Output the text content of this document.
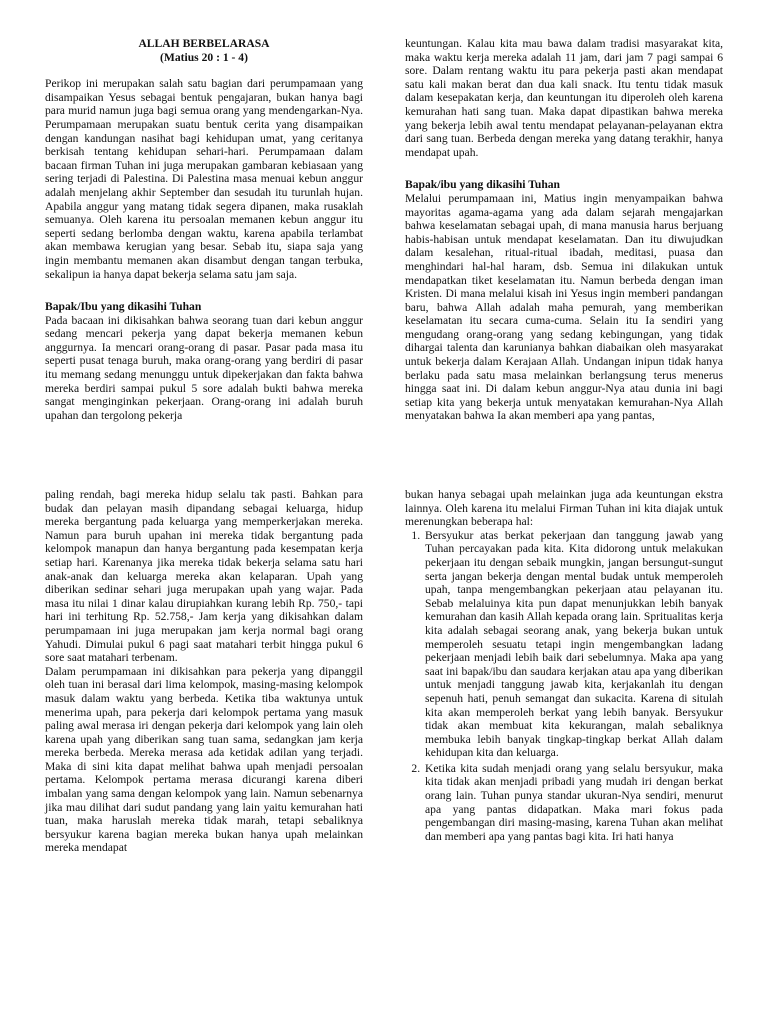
ALLAH BERBELARASA

(Matius 20 : 1 - 4)

Perikop ini merupakan salah satu bagian dari perumpamaan yang disampaikan Yesus sebagai bentuk pengajaran, bukan hanya bagi para murid namun juga bagi semua orang yang mendengarkan-Nya. Perumpamaan merupakan suatu bentuk cerita yang disampaikan dengan kandungan nasihat bagi kehidupan umat, yang ceritanya berkisah tentang kehidupan sehari-hari. Perumpamaan dalam bacaan firman Tuhan ini juga merupakan gambaran kebiasaan yang sering terjadi di Palestina. Di Palestina masa menuai kebun anggur adalah menjelang akhir September dan sesudah itu turunlah hujan. Apabila anggur yang matang tidak segera dipanen, maka rusaklah semuanya. Oleh karena itu persoalan memanen kebun anggur itu seperti sedang berlomba dengan waktu, karena apabila terlambat akan membawa kerugian yang besar. Sebab itu, siapa saja yang ingin membantu memanen akan disambut dengan tangan terbuka, sekalipun ia hanya dapat bekerja selama satu jam saja.

Bapak/Ibu yang dikasihi Tuhan

Pada bacaan ini dikisahkan bahwa seorang tuan dari kebun anggur sedang mencari pekerja yang dapat bekerja memanen kebun anggurnya. Ia mencari orang-orang di pasar. Pasar pada masa itu seperti pusat tenaga buruh, maka orang-orang yang berdiri di pasar itu memang sedang menunggu untuk dipekerjakan dan fakta bahwa mereka berdiri sampai pukul 5 sore adalah bukti bahwa mereka sangat menginginkan pekerjaan. Orang-orang ini adalah buruh upahan dan tergolong pekerja

keuntungan. Kalau kita mau bawa dalam tradisi masyarakat kita, maka waktu kerja mereka adalah 11 jam, dari jam 7 pagi sampai 6 sore. Dalam rentang waktu itu para pekerja pasti akan mendapat satu kali makan berat dan dua kali snack. Itu tentu tidak masuk dalam kesepakatan kerja, dan keuntungan itu diperoleh oleh karena kemurahan hati sang tuan. Maka dapat dipastikan bahwa mereka yang bekerja lebih awal tentu mendapat pelayanan-pelayanan ektra dari sang tuan. Berbeda dengan mereka yang datang terakhir, hanya mendapat upah.

Bapak/ibu yang dikasihi Tuhan

Melalui perumpamaan ini, Matius ingin menyampaikan bahwa mayoritas agama-agama yang ada dalam sejarah mengajarkan bahwa keselamatan sebagai upah, di mana manusia harus berjuang habis-habisan untuk mendapat keselamatan. Dan itu diwujudkan dalam kesalehan, ritual-ritual ibadah, meditasi, puasa dan menghindari hal-hal haram, dsb. Semua ini dilakukan untuk mendapatkan tiket keselamatan itu. Namun berbeda dengan iman Kristen. Di mana melalui kisah ini Yesus ingin memberi pandangan baru, bahwa Allah adalah maha pemurah, yang memberikan keselamatan itu secara cuma-cuma. Selain itu Ia sendiri yang mengudang orang-orang yang sedang kebingungan, yang tidak dihargai talenta dan karunianya bahkan diabaikan oleh masyarakat untuk bekerja dalam Kerajaan Allah. Undangan inipun tidak hanya berlaku pada satu masa melainkan berlangsung terus menerus hingga saat ini. Di dalam kebun anggur-Nya atau dunia ini bagi setiap kita yang bekerja untuk menyatakan kemurahan-Nya Allah menyatakan bahwa Ia akan memberi apa yang pantas,

paling rendah, bagi mereka hidup selalu tak pasti. Bahkan para budak dan pelayan masih dipandang sebagai keluarga, hidup mereka bergantung pada keluarga yang memperkerjakan mereka. Namun para buruh upahan ini mereka tidak bergantung pada kelompok manapun dan hanya bergantung pada kesempatan kerja setiap hari. Karenanya jika mereka tidak bekerja selama satu hari anak-anak dan keluarga mereka akan kelaparan. Upah yang diberikan sedinar sehari juga merupakan upah yang wajar. Pada masa itu nilai 1 dinar kalau dirupiahkan kurang lebih Rp. 750,- tapi hari ini terhitung Rp. 52.758,- Jam kerja yang dikisahkan dalam perumpamaan ini juga merupakan jam kerja normal bagi orang Yahudi. Dimulai pukul 6 pagi saat matahari terbit hingga pukul 6 sore saat matahari terbenam.

Dalam perumpamaan ini dikisahkan para pekerja yang dipanggil oleh tuan ini berasal dari lima kelompok, masing-masing kelompok masuk dalam waktu yang berbeda. Ketika tiba waktunya untuk menerima upah, para pekerja dari kelompok pertama yang masuk paling awal merasa iri dengan pekerja dari kelompok yang lain oleh karena upah yang diberikan sang tuan sama, sedangkan jam kerja mereka berbeda. Mereka merasa ada ketidak adilan yang terjadi. Maka di sini kita dapat melihat bahwa upah menjadi persoalan pertama. Kelompok pertama merasa dicurangi karena diberi imbalan yang sama dengan kelompok yang lain. Namun sebenarnya jika mau dilihat dari sudut pandang yang lain yaitu kemurahan hati tuan, maka haruslah mereka tidak marah, tetapi sebaliknya bersyukur karena bagian mereka bukan hanya upah melainkan mereka mendapat

bukan hanya sebagai upah melainkan juga ada keuntungan ekstra lainnya. Oleh karena itu melalui Firman Tuhan ini kita diajak untuk merenungkan beberapa hal:

1. Bersyukur atas berkat pekerjaan dan tanggung jawab yang Tuhan percayakan pada kita. Kita didorong untuk melakukan pekerjaan itu dengan sebaik mungkin, jangan bersungut-sungut serta jangan bekerja dengan mental budak untuk memperoleh upah, tanpa mengembangkan pekerjaan atau pelayanan itu. Sebab melaluinya kita pun dapat menunjukkan lebih banyak kemurahan dan kasih Allah kepada orang lain. Spritualitas kerja kita adalah sebagai seorang anak, yang bekerja bukan untuk memperoleh sesuatu tetapi ingin mengembangkan ladang pekerjaan menjadi lebih baik dari sebelumnya. Maka apa yang saat ini bapak/ibu dan saudara kerjakan atau apa yang diberikan untuk menjadi tanggung jawab kita, kerjakanlah itu dengan sepenuh hati, penuh semangat dan sukacita. Karena di situlah kita akan memperoleh berkat yang lebih banyak. Bersyukur tidak akan membuat kita kekurangan, malah sebaliknya membuka lebih banyak tingkap-tingkap berkat Allah dalam kehidupan kita dan keluarga.
2. Ketika kita sudah menjadi orang yang selalu bersyukur, maka kita tidak akan menjadi pribadi yang mudah iri dengan berkat orang lain. Tuhan punya standar ukuran-Nya sendiri, menurut apa yang pantas didapatkan. Maka mari fokus pada pengembangan diri masing-masing, karena Tuhan akan melihat dan memberi apa yang pantas bagi kita. Iri hati hanya
